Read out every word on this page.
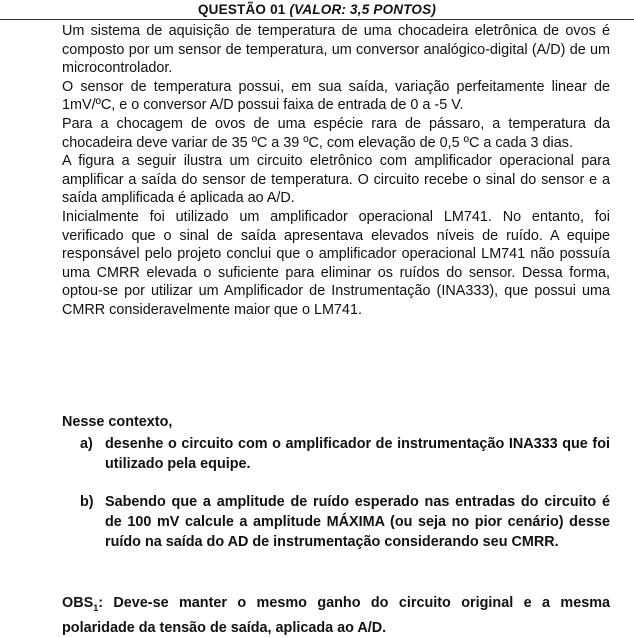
QUESTÃO 01 (VALOR: 3,5 PONTOS)

Um sistema de aquisição de temperatura de uma chocadeira eletrônica de ovos é composto por um sensor de temperatura, um conversor analógico-digital (A/D) de um microcontrolador.

O sensor de temperatura possui, em sua saída, variação perfeitamente linear de 1mV/ºC, e o conversor A/D possui faixa de entrada de 0 a -5 V.

Para a chocagem de ovos de uma espécie rara de pássaro, a temperatura da chocadeira deve variar de 35 ºC a 39 ºC, com elevação de 0,5 ºC a cada 3 dias.

A figura a seguir ilustra um circuito eletrônico com amplificador operacional para amplificar a saída do sensor de temperatura. O circuito recebe o sinal do sensor e a saída amplificada é aplicada ao A/D.

Inicialmente foi utilizado um amplificador operacional LM741. No entanto, foi verificado que o sinal de saída apresentava elevados níveis de ruído. A equipe responsável pelo projeto conclui que o amplificador operacional LM741 não possuía uma CMRR elevada o suficiente para eliminar os ruídos do sensor. Dessa forma, optou-se por utilizar um Amplificador de Instrumentação (INA333), que possui uma CMRR consideravelmente maior que o LM741.

Nesse contexto,
a) desenhe o circuito com o amplificador de instrumentação INA333 que foi utilizado pela equipe.
b) Sabendo que a amplitude de ruído esperado nas entradas do circuito é de 100 mV calcule a amplitude MÁXIMA (ou seja no pior cenário) desse ruído na saída do AD de instrumentação considerando seu CMRR.
$OBS_1$: Deve-se manter o mesmo ganho do circuito original e a mesma polaridade da tensão de saída, aplicada ao A/D.
